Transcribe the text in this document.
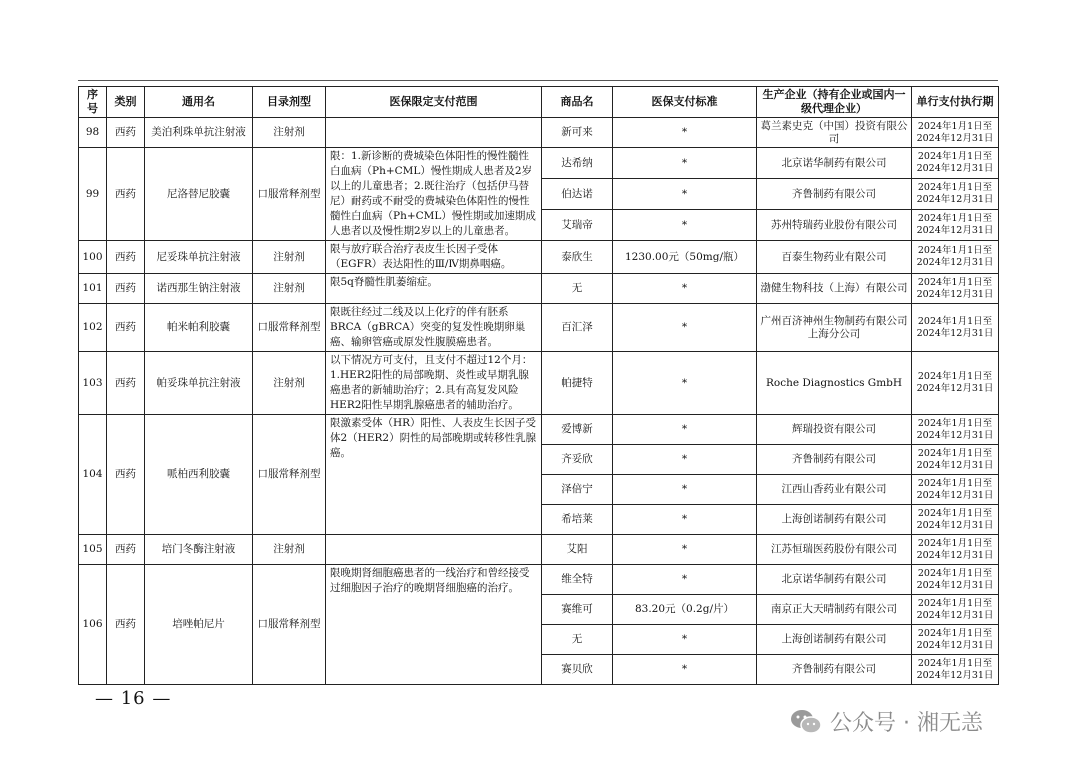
序号	类别	通用名	目录剂型	医保限定支付范围	商品名	医保支付标准	生产企业（持有企业或国内一级代理企业）	单行支付执行期
98	西药	美泊利珠单抗注射液	注射剂		新可来	*	葛兰素史克（中国）投资有限公司	2024年1月1日至
2024年12月31日

99	西药	尼洛替尼胶囊	口服常释剂型	限：1.新诊断的费城染色体阳性的慢性髓性白血病（Ph+CML）慢性期成人患者及2岁以上的儿童患者；2.既往治疗（包括伊马替尼）耐药或不耐受的费城染色体阳性的慢性髓性白血病（Ph+CML）慢性期或加速期成人患者以及慢性期2岁以上的儿童患者。	达希纳	*	北京诺华制药有限公司	2024年1月1日至
2024年12月31日

					伯达诺	*	齐鲁制药有限公司	2024年1月1日至
2024年12月31日

					艾瑞帝	*	苏州特瑞药业股份有限公司	2024年1月1日至
2024年12月31日

100	西药	尼妥珠单抗注射液	注射剂	限与放疗联合治疗表皮生长因子受体（EGFR）表达阳性的Ⅲ/Ⅳ期鼻咽癌。	泰欣生	1230.00元（50mg/瓶）	百泰生物药业有限公司	2024年1月1日至
2024年12月31日

101	西药	诺西那生钠注射液	注射剂	限5q脊髓性肌萎缩症。	无	*	渤健生物科技（上海）有限公司	2024年1月1日至
2024年12月31日

102	西药	帕米帕利胶囊	口服常释剂型	限既往经过二线及以上化疗的伴有胚系BRCA（gBRCA）突变的复发性晚期卵巢癌、输卵管癌或原发性腹膜癌患者。	百汇泽	*	广州百济神州生物制药有限公司上海分公司	2024年1月1日至
2024年12月31日

103	西药	帕妥珠单抗注射液	注射剂	以下情况方可支付，且支付不超过12个月：1.HER2阳性的局部晚期、炎性或早期乳腺癌患者的新辅助治疗；2.具有高复发风险HER2阳性早期乳腺癌患者的辅助治疗。	帕捷特	*	Roche Diagnostics GmbH	2024年1月1日至
2024年12月31日

104	西药	哌柏西利胶囊	口服常释剂型	限激素受体（HR）阳性、人表皮生长因子受体2（HER2）阴性的局部晚期或转移性乳腺癌。	爱博新	*	辉瑞投资有限公司	2024年1月1日至
2024年12月31日

					齐妥欣	*	齐鲁制药有限公司	2024年1月1日至
2024年12月31日

					泽倍宁	*	江西山香药业有限公司	2024年1月1日至
2024年12月31日

					希培莱	*	上海创诺制药有限公司	2024年1月1日至
2024年12月31日

105	西药	培门冬酶注射液	注射剂		艾阳	*	江苏恒瑞医药股份有限公司	2024年1月1日至
2024年12月31日

106	西药	培唑帕尼片	口服常释剂型	限晚期肾细胞癌患者的一线治疗和曾经接受过细胞因子治疗的晚期肾细胞癌的治疗。	维全特	*	北京诺华制药有限公司	2024年1月1日至
2024年12月31日

					赛维可	83.20元（0.2g/片）	南京正大天晴制药有限公司	2024年1月1日至
2024年12月31日

					无	*	上海创诺制药有限公司	2024年1月1日至
2024年12月31日

					赛贝欣	*	齐鲁制药有限公司	2024年1月1日至
2024年12月31日
— 16 —
公众号 · 湘无恙
